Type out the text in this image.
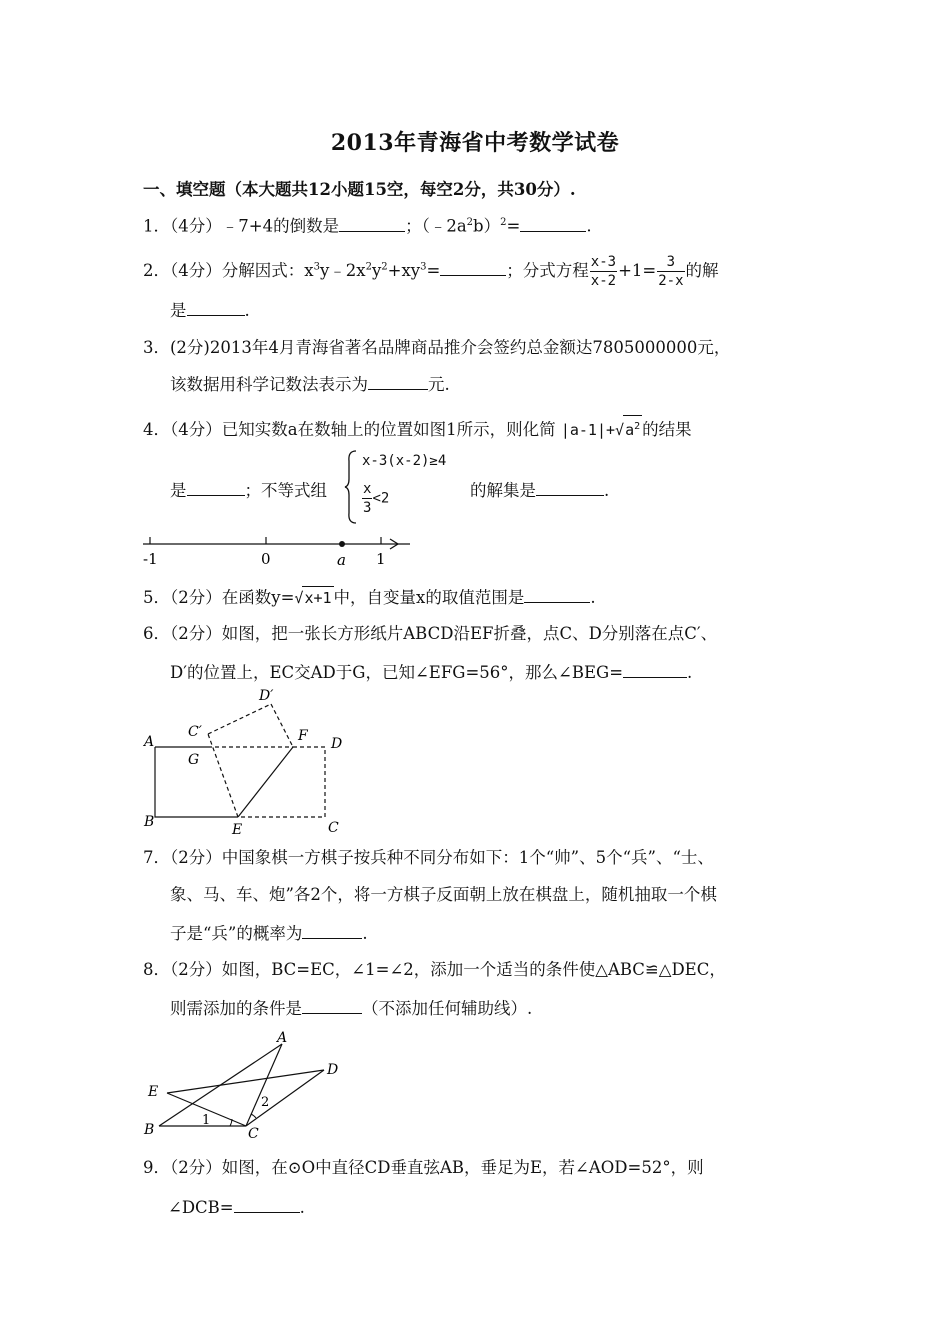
2013年青海省中考数学试卷
一、填空题（本大题共12小题15空，每空2分，共30分）.
1．（4分）﹣7+4的倒数是	；$(﹣2a^2b)^2=$	.
2．（4分）分解因式：$x^3y﹣2x^2y^2+xy^3=$	；分式方程 $\frac{x-3}{x-2} +1= \frac{3}{2-x}$ 的解
是	.
3．(2分)2013年4月青海省著名品牌商品推介会签约总金额达7805000000元，
该数据用科学记数法表示为	元.
4．（4分）已知实数a在数轴上的位置如图1所示，则化简 $|a-1|+√a^2$ 的结果
是	；不等式组
x-3(x-2)≥4
$\frac{x}{3} <2$	的解集是	.
-1	0	a 1
5．（2分）在函数y=√x+1 中，自变量x的取值范围是	.
6．（2分）如图，把一张长方形纸片ABCD沿EF折叠，点C、D分别落在点C′、
D′的位置上，EC交AD于G，已知∠EFG=56°，那么∠BEG=	.
D′
C′
A
G
F D
B	E	C
7．（2分）中国象棋一方棋子按兵种不同分布如下：1个“帅”、5个“兵”、“士、
象、马、车、炮”各2个，将一方棋子反面朝上放在棋盘上，随机抽取一个棋
子是“兵”的概率为	.
8．（2分）如图，BC=EC，∠1=∠2，添加一个适当的条件使△ABC≌△DEC，
则需添加的条件是	（不添加任何辅助线）.
A
D
E
B	C
1
2
9．（2分）如图，在⊙O中直径CD垂直弦AB，垂足为E，若∠AOD=52°，则
∠DCB=	.
